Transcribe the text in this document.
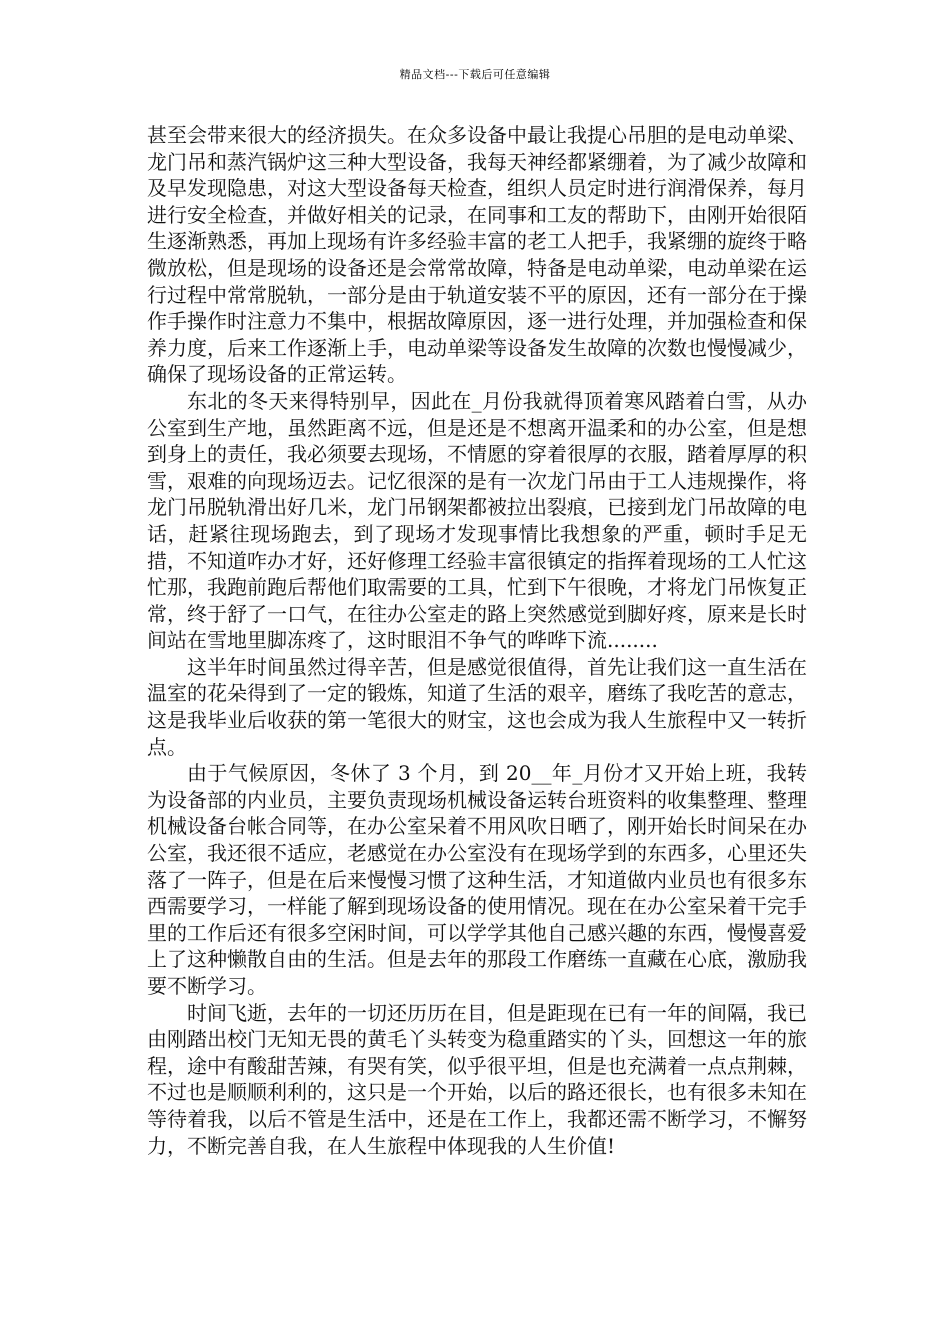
精品文档---下载后可任意编辑

甚至会带来很大的经济损失。在众多设备中最让我提心吊胆的是电动单梁、龙门吊和蒸汽锅炉这三种大型设备，我每天神经都紧绷着，为了减少故障和及早发现隐患，对这大型设备每天检查，组织人员定时进行润滑保养，每月进行安全检查，并做好相关的记录，在同事和工友的帮助下，由刚开始很陌生逐渐熟悉，再加上现场有许多经验丰富的老工人把手，我紧绷的旋终于略微放松，但是现场的设备还是会常常故障，特备是电动单梁，电动单梁在运行过程中常常脱轨，一部分是由于轨道安装不平的原因，还有一部分在于操作手操作时注意力不集中，根据故障原因，逐一进行处理，并加强检查和保养力度，后来工作逐渐上手，电动单梁等设备发生故障的次数也慢慢减少，确保了现场设备的正常运转。

东北的冬天来得特别早，因此在_月份我就得顶着寒风踏着白雪，从办公室到生产地，虽然距离不远，但是还是不想离开温柔和的办公室，但是想到身上的责任，我必须要去现场，不情愿的穿着很厚的衣服，踏着厚厚的积雪，艰难的向现场迈去。记忆很深的是有一次龙门吊由于工人违规操作，将龙门吊脱轨滑出好几米，龙门吊钢架都被拉出裂痕，已接到龙门吊故障的电话，赶紧往现场跑去，到了现场才发现事情比我想象的严重，顿时手足无措，不知道咋办才好，还好修理工经验丰富很镇定的指挥着现场的工人忙这忙那，我跑前跑后帮他们取需要的工具，忙到下午很晚，才将龙门吊恢复正常，终于舒了一口气，在往办公室走的路上突然感觉到脚好疼，原来是长时间站在雪地里脚冻疼了，这时眼泪不争气的哗哗下流........

这半年时间虽然过得辛苦，但是感觉很值得，首先让我们这一直生活在温室的花朵得到了一定的锻炼，知道了生活的艰辛，磨练了我吃苦的意志，这是我毕业后收获的第一笔很大的财宝，这也会成为我人生旅程中又一转折点。

由于气候原因，冬休了 3 个月，到 20__年_月份才又开始上班，我转为设备部的内业员，主要负责现场机械设备运转台班资料的收集整理、整理机械设备台帐合同等，在办公室呆着不用风吹日晒了，刚开始长时间呆在办公室，我还很不适应，老感觉在办公室没有在现场学到的东西多，心里还失落了一阵子，但是在后来慢慢习惯了这种生活，才知道做内业员也有很多东西需要学习，一样能了解到现场设备的使用情况。现在在办公室呆着干完手里的工作后还有很多空闲时间，可以学学其他自己感兴趣的东西，慢慢喜爱上了这种懒散自由的生活。但是去年的那段工作磨练一直藏在心底，激励我要不断学习。

时间飞逝，去年的一切还历历在目，但是距现在已有一年的间隔，我已由刚踏出校门无知无畏的黄毛丫头转变为稳重踏实的丫头，回想这一年的旅程，途中有酸甜苦辣，有哭有笑，似乎很平坦，但是也充满着一点点荆棘，不过也是顺顺利利的，这只是一个开始，以后的路还很长，也有很多未知在等待着我，以后不管是生活中，还是在工作上，我都还需不断学习，不懈努力，不断完善自我，在人生旅程中体现我的人生价值!
